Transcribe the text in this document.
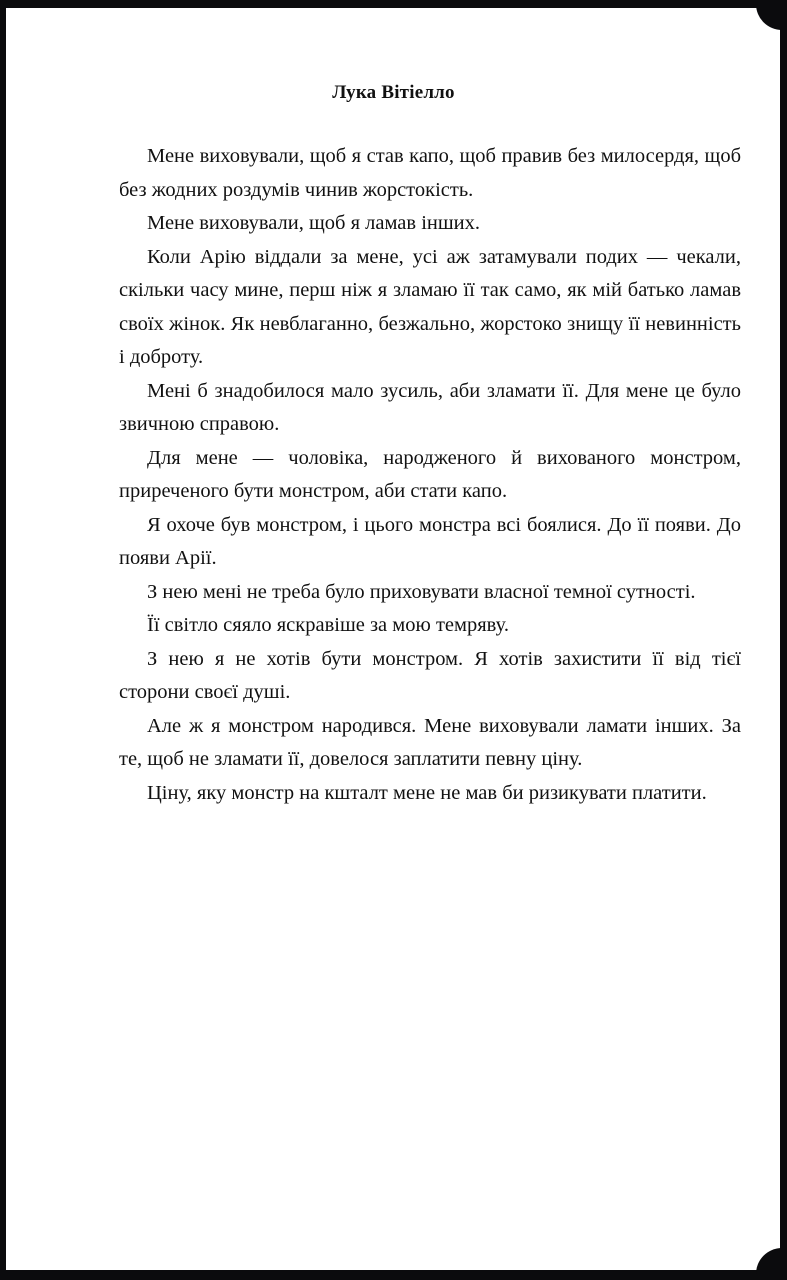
Лука Вітіелло

Мене виховували, щоб я став капо, щоб правив без милосердя, щоб без жодних роздумів чинив жорстокість.

Мене виховували, щоб я ламав інших.

Коли Арію віддали за мене, усі аж затамували подих — чекали, скільки часу мине, перш ніж я зламаю її так само, як мій батько ламав своїх жінок. Як невблаганно, безжально, жорстоко знищу її невинність і доброту.

Мені б знадобилося мало зусиль, аби зламати її. Для мене це було звичною справою.

Для мене — чоловіка, народженого й вихованого монстром, приреченого бути монстром, аби стати капо.

Я охоче був монстром, і цього монстра всі боялися. До її появи. До появи Арії.

З нею мені не треба було приховувати власної темної сутності.

Її світло сяяло яскравіше за мою темряву.

З нею я не хотів бути монстром. Я хотів захистити її від тієї сторони своєї душі.

Але ж я монстром народився. Мене виховували ламати інших. За те, щоб не зламати її, довелося заплатити певну ціну.

Ціну, яку монстр на кшталт мене не мав би ризикувати платити.
